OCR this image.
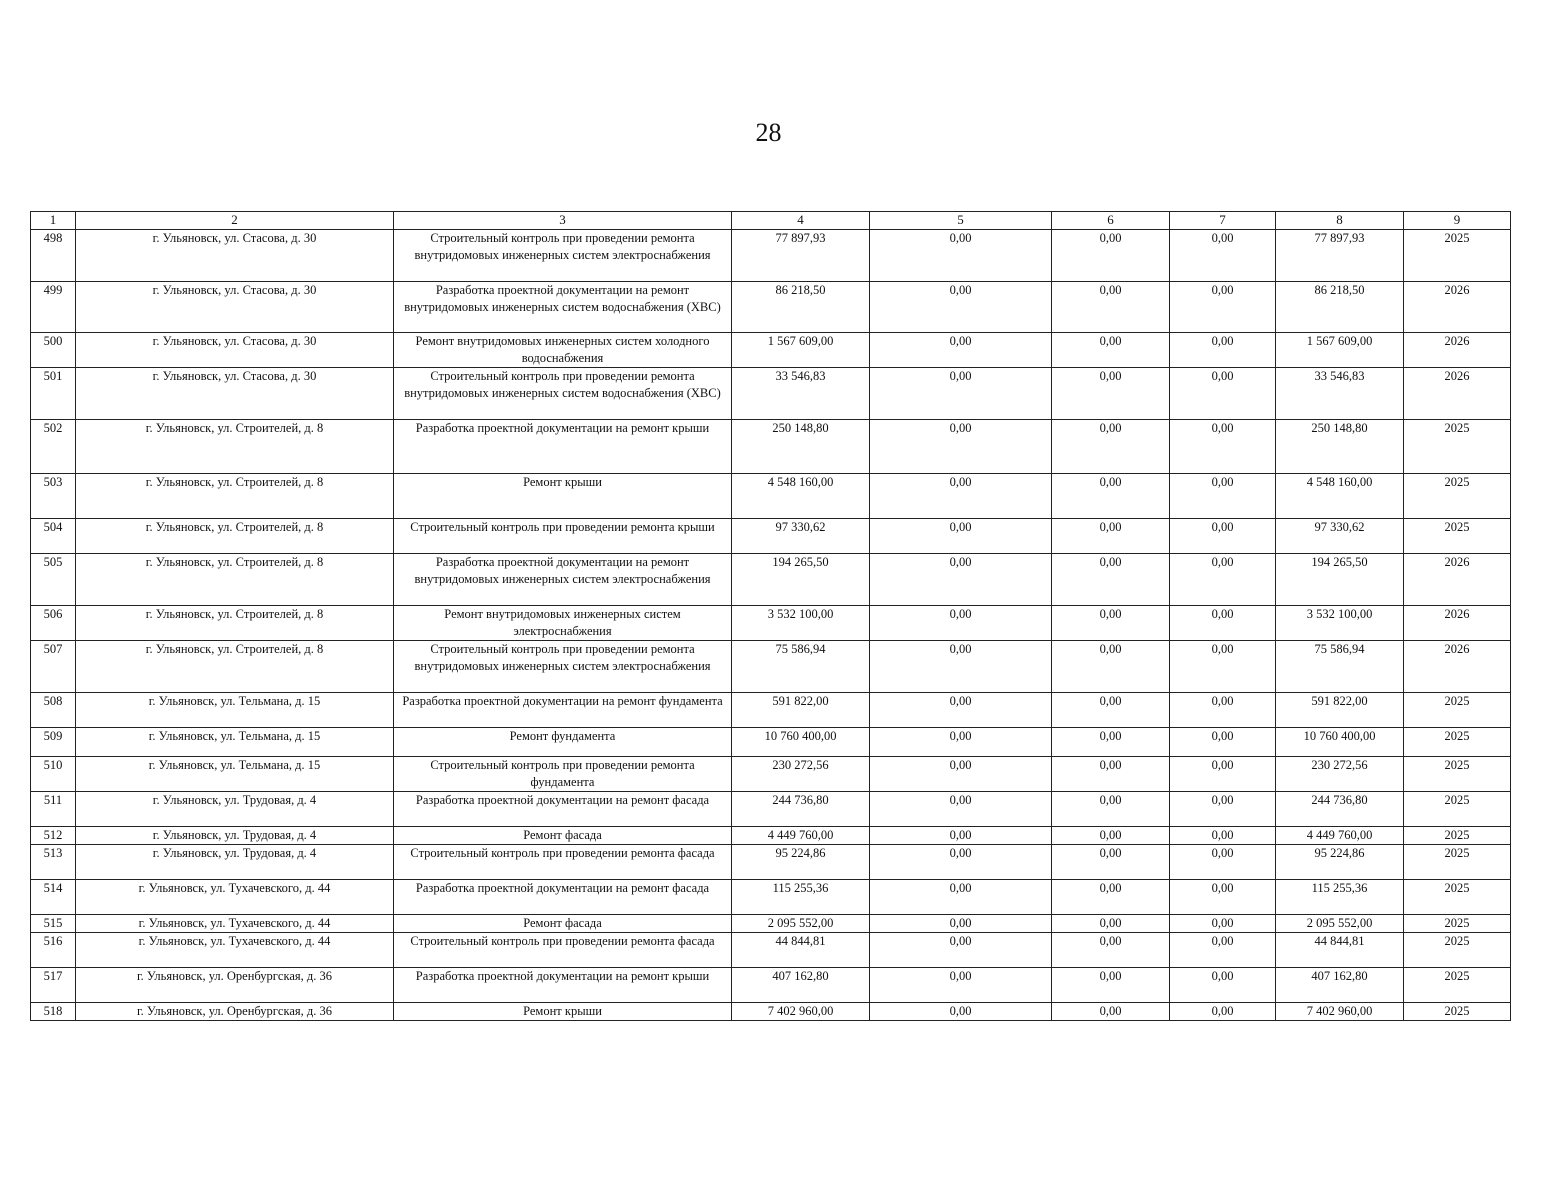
28
1	2	3	4	5	6	7	8	9
498	г. Ульяновск, ул. Стасова, д. 30	Строительный контроль при проведении ремонта внутридомовых инженерных систем электроснабжения	77 897,93	0,00	0,00	0,00	77 897,93	2025
499	г. Ульяновск, ул. Стасова, д. 30	Разработка проектной документации на ремонт внутридомовых инженерных систем водоснабжения (ХВС)	86 218,50	0,00	0,00	0,00	86 218,50	2026
500	г. Ульяновск, ул. Стасова, д. 30	Ремонт внутридомовых инженерных систем холодного водоснабжения	1 567 609,00	0,00	0,00	0,00	1 567 609,00	2026
501	г. Ульяновск, ул. Стасова, д. 30	Строительный контроль при проведении ремонта внутридомовых инженерных систем водоснабжения (ХВС)	33 546,83	0,00	0,00	0,00	33 546,83	2026
502	г. Ульяновск, ул. Строителей, д. 8	Разработка проектной документации на ремонт крыши	250 148,80	0,00	0,00	0,00	250 148,80	2025
503	г. Ульяновск, ул. Строителей, д. 8	Ремонт крыши	4 548 160,00	0,00	0,00	0,00	4 548 160,00	2025
504	г. Ульяновск, ул. Строителей, д. 8	Строительный контроль при проведении ремонта крыши	97 330,62	0,00	0,00	0,00	97 330,62	2025
505	г. Ульяновск, ул. Строителей, д. 8	Разработка проектной документации на ремонт внутридомовых инженерных систем электроснабжения	194 265,50	0,00	0,00	0,00	194 265,50	2026
506	г. Ульяновск, ул. Строителей, д. 8	Ремонт внутридомовых инженерных систем электроснабжения	3 532 100,00	0,00	0,00	0,00	3 532 100,00	2026
507	г. Ульяновск, ул. Строителей, д. 8	Строительный контроль при проведении ремонта внутридомовых инженерных систем электроснабжения	75 586,94	0,00	0,00	0,00	75 586,94	2026
508	г. Ульяновск, ул. Тельмана, д. 15	Разработка проектной документации на ремонт фундамента	591 822,00	0,00	0,00	0,00	591 822,00	2025
509	г. Ульяновск, ул. Тельмана, д. 15	Ремонт фундамента	10 760 400,00	0,00	0,00	0,00	10 760 400,00	2025
510	г. Ульяновск, ул. Тельмана, д. 15	Строительный контроль при проведении ремонта фундамента	230 272,56	0,00	0,00	0,00	230 272,56	2025
511	г. Ульяновск, ул. Трудовая, д. 4	Разработка проектной документации на ремонт фасада	244 736,80	0,00	0,00	0,00	244 736,80	2025
512	г. Ульяновск, ул. Трудовая, д. 4	Ремонт фасада	4 449 760,00	0,00	0,00	0,00	4 449 760,00	2025
513	г. Ульяновск, ул. Трудовая, д. 4	Строительный контроль при проведении ремонта фасада	95 224,86	0,00	0,00	0,00	95 224,86	2025
514	г. Ульяновск, ул. Тухачевского, д. 44	Разработка проектной документации на ремонт фасада	115 255,36	0,00	0,00	0,00	115 255,36	2025
515	г. Ульяновск, ул. Тухачевского, д. 44	Ремонт фасада	2 095 552,00	0,00	0,00	0,00	2 095 552,00	2025
516	г. Ульяновск, ул. Тухачевского, д. 44	Строительный контроль при проведении ремонта фасада	44 844,81	0,00	0,00	0,00	44 844,81	2025
517	г. Ульяновск, ул. Оренбургская, д. 36	Разработка проектной документации на ремонт крыши	407 162,80	0,00	0,00	0,00	407 162,80	2025
518	г. Ульяновск, ул. Оренбургская, д. 36	Ремонт крыши	7 402 960,00	0,00	0,00	0,00	7 402 960,00	2025
